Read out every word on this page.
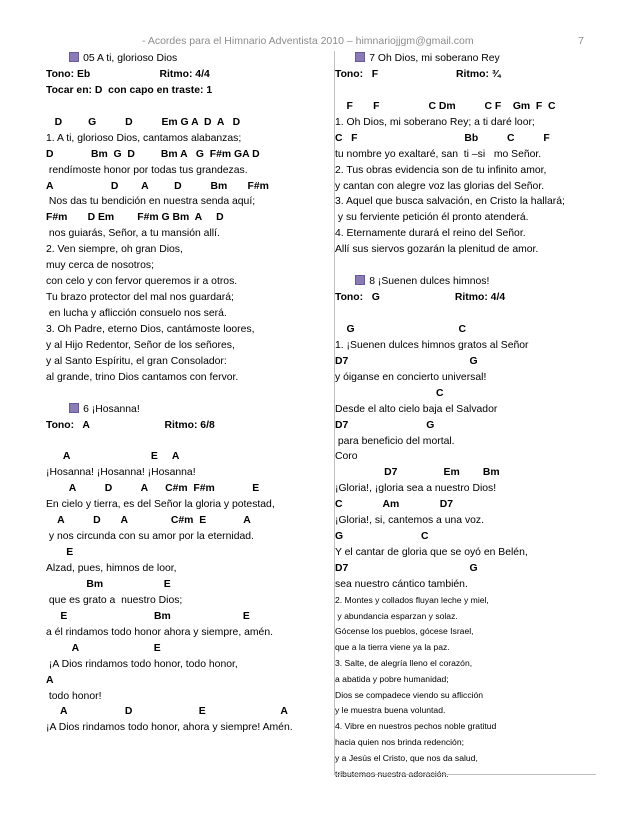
- Acordes para el Himnario Adventista 2010 – himnariojjgm@gmail.com	7
05 A ti, glorioso Dios
Tono: Eb                        Ritmo: 4/4
Tocar en: D  con capo en traste: 1
D         G          D          Em G A  D  A   D
1. A ti, glorioso Dios, cantamos alabanzas;
D             Bm  G  D         Bm A   G  F#m GA D
rendímoste honor por todas tus grandezas.
A                    D        A         D          Bm       F#m
Nos das tu bendición en nuestra senda aquí;
F#m       D Em        F#m G Bm  A     D
nos guiarás, Señor, a tu mansión allí.
2. Ven siempre, oh gran Dios,
muy cerca de nosotros;
con celo y con fervor queremos ir a otros.
Tu brazo protector del mal nos guardará;
en lucha y aflicción consuelo nos será.
3. Oh Padre, eterno Dios, cantámoste loores,
y al Hijo Redentor, Señor de los señores,
y al Santo Espíritu, el gran Consolador:
al grande, trino Dios cantamos con fervor.
6 ¡Hosanna!
Tono:   A                          Ritmo: 6/8
A                            E     A
¡Hosanna! ¡Hosanna! ¡Hosanna!
A          D          A      C#m  F#m             E
En cielo y tierra, es del Señor la gloria y potestad,
A          D       A               C#m  E             A
y nos circunda con su amor por la eternidad.
E
Alzad, pues, himnos de loor,
Bm                     E
que es grato a  nuestro Dios;
E                              Bm                         E
a él rindamos todo honor ahora y siempre, amén.
A                          E
¡A Dios rindamos todo honor, todo honor,
A
todo honor!
A                    D                       E                          A
¡A Dios rindamos todo honor, ahora y siempre! Amén.
7 Oh Dios, mi soberano Rey
Tono:   F                           Ritmo: ¾
F       F                 C Dm          C F    Gm  F  C
1. Oh Dios, mi soberano Rey; a ti daré loor;
C   F                                     Bb          C          F
tu nombre yo exaltaré, san  ti –si   mo Señor.
2. Tus obras evidencia son de tu infinito amor,
y cantan con alegre voz las glorias del Señor.
3. Aquel que busca salvación, en Cristo la hallará;
y su ferviente petición él pronto atenderá.
4. Eternamente durará el reino del Señor.
Allí sus siervos gozarán la plenitud de amor.
8 ¡Suenen dulces himnos!
Tono:   G                          Ritmo: 4/4
G                                    C
1. ¡Suenen dulces himnos gratos al Señor
D7                                          G
y óiganse en concierto universal!
C
Desde el alto cielo baja el Salvador
D7                           G
para beneficio del mortal.
Coro
D7                Em        Bm
¡Gloria!, ¡gloria sea a nuestro Dios!
C              Am              D7
¡Gloria!, si, cantemos a una voz.
G                           C
Y el cantar de gloria que se oyó en Belén,
D7                                          G
sea nuestro cántico también.
2. Montes y collados fluyan leche y miel,
y abundancia esparzan y solaz.
Gócense los pueblos, gócese Israel,
que a la tierra viene ya la paz.
3. Salte, de alegría lleno el corazón,
a abatida y pobre humanidad;
Dios se compadece viendo su aflicción
y le muestra buena voluntad.
4. Vibre en nuestros pechos noble gratitud
hacia quien nos brinda redención;
y a Jesús el Cristo, que nos da salud,
tributemos nuestra adoración.
